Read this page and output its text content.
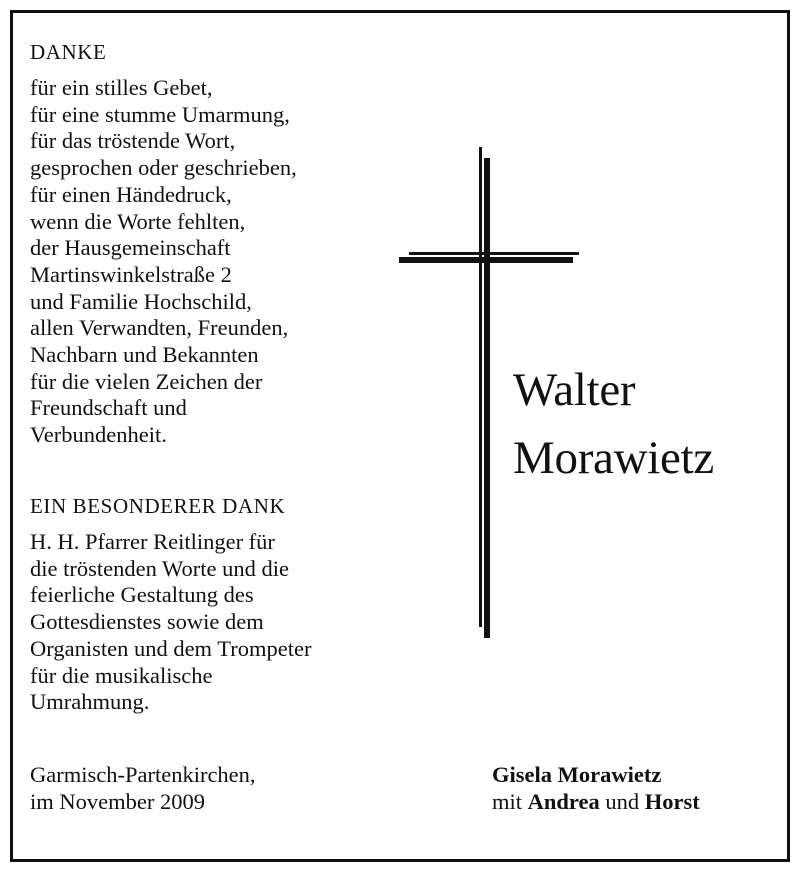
DANKE
für ein stilles Gebet,
für eine stumme Umarmung,
für das tröstende Wort,
gesprochen oder geschrieben,
für einen Händedruck,
wenn die Worte fehlten,
der Hausgemeinschaft
Martinswinkelstraße 2
und Familie Hochschild,
allen Verwandten, Freunden,
Nachbarn und Bekannten
für die vielen Zeichen der
Freundschaft und
Verbundenheit.
EIN BESONDERER DANK
H. H. Pfarrer Reitlinger für
die tröstenden Worte und die
feierliche Gestaltung des
Gottesdienstes sowie dem
Organisten und dem Trompeter
für die musikalische
Umrahmung.
Walter
Morawietz
Garmisch-Partenkirchen,
im November 2009
Gisela Morawietz
mit Andrea und Horst
